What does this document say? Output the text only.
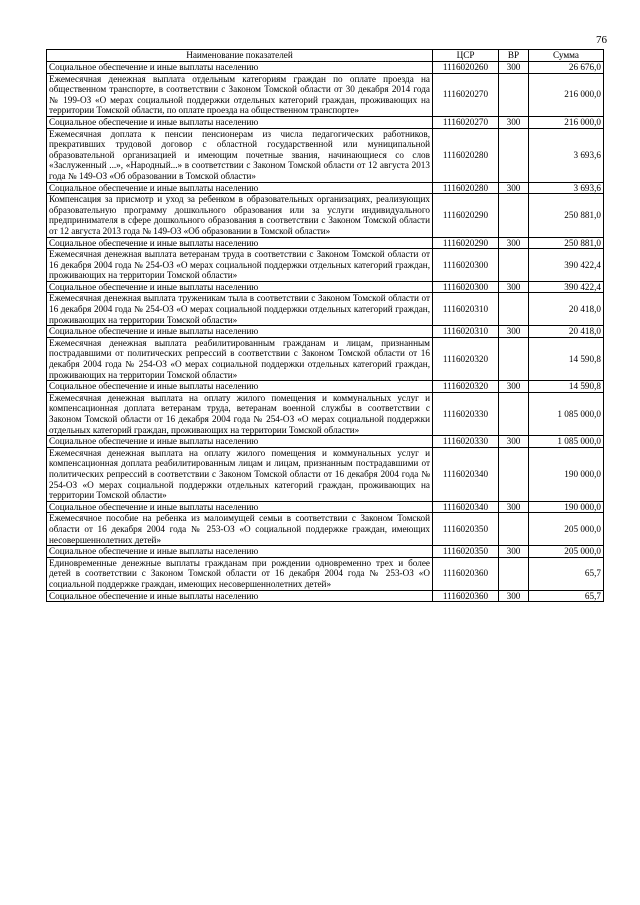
76
Наименование показателей	ЦСР	ВР	Сумма
Социальное обеспечение и иные выплаты населению	1116020260	300	26 676,0
Ежемесячная денежная выплата отдельным категориям граждан по оплате проезда на общественном транспорте, в соответствии с Законом Томской области от 30 декабря 2014 года № 199-ОЗ «О мерах социальной поддержки отдельных категорий граждан, проживающих на территории Томской области, по оплате проезда на общественном транспорте»	1116020270		216 000,0
Социальное обеспечение и иные выплаты населению	1116020270	300	216 000,0
Ежемесячная доплата к пенсии пенсионерам из числа педагогических работников, прекративших трудовой договор с областной государственной или муниципальной образовательной организацией и имеющим почетные звания, начинающиеся со слов «Заслуженный ...», «Народный...» в соответствии с Законом Томской области от 12 августа 2013 года № 149-ОЗ «Об образовании в Томской области»	1116020280		3 693,6
Социальное обеспечение и иные выплаты населению	1116020280	300	3 693,6
Компенсация за присмотр и уход за ребенком в образовательных организациях, реализующих образовательную программу дошкольного образования или за услуги индивидуального предпринимателя в сфере дошкольного образования в соответствии с Законом Томской области от 12 августа 2013 года № 149-ОЗ «Об образовании в Томской области»	1116020290		250 881,0
Социальное обеспечение и иные выплаты населению	1116020290	300	250 881,0
Ежемесячная денежная выплата ветеранам труда в соответствии с Законом Томской области от 16 декабря 2004 года № 254-ОЗ «О мерах социальной поддержки отдельных категорий граждан, проживающих на территории Томской области»	1116020300		390 422,4
Социальное обеспечение и иные выплаты населению	1116020300	300	390 422,4
Ежемесячная денежная выплата труженикам тыла в соответствии с Законом Томской области от 16 декабря 2004 года № 254-ОЗ «О мерах социальной поддержки отдельных категорий граждан, проживающих на территории Томской области»	1116020310		20 418,0
Социальное обеспечение и иные выплаты населению	1116020310	300	20 418,0
Ежемесячная денежная выплата реабилитированным гражданам и лицам, признанным пострадавшими от политических репрессий в соответствии с Законом Томской области от 16 декабря 2004 года № 254-ОЗ «О мерах социальной поддержки отдельных категорий граждан, проживающих на территории Томской области»	1116020320		14 590,8
Социальное обеспечение и иные выплаты населению	1116020320	300	14 590,8
Ежемесячная денежная выплата на оплату жилого помещения и коммунальных услуг и компенсационная доплата ветеранам труда, ветеранам военной службы в соответствии с Законом Томской области от 16 декабря 2004 года № 254-ОЗ «О мерах социальной поддержки отдельных категорий граждан, проживающих на территории Томской области»	1116020330		1 085 000,0
Социальное обеспечение и иные выплаты населению	1116020330	300	1 085 000,0
Ежемесячная денежная выплата на оплату жилого помещения и коммунальных услуг и компенсационная доплата реабилитированным лицам и лицам, признанным пострадавшими от политических репрессий в соответствии с Законом Томской области от 16 декабря 2004 года № 254-ОЗ «О мерах социальной поддержки отдельных категорий граждан, проживающих на территории Томской области»	1116020340		190 000,0
Социальное обеспечение и иные выплаты населению	1116020340	300	190 000,0
Ежемесячное пособие на ребенка из малоимущей семьи в соответствии с Законом Томской области от 16 декабря 2004 года № 253-ОЗ «О социальной поддержке граждан, имеющих несовершеннолетних детей»	1116020350		205 000,0
Социальное обеспечение и иные выплаты населению	1116020350	300	205 000,0
Единовременные денежные выплаты гражданам при рождении одновременно трех и более детей в соответствии с Законом Томской области от 16 декабря 2004 года № 253-ОЗ «О социальной поддержке граждан, имеющих несовершеннолетних детей»	1116020360		65,7
Социальное обеспечение и иные выплаты населению	1116020360	300	65,7
